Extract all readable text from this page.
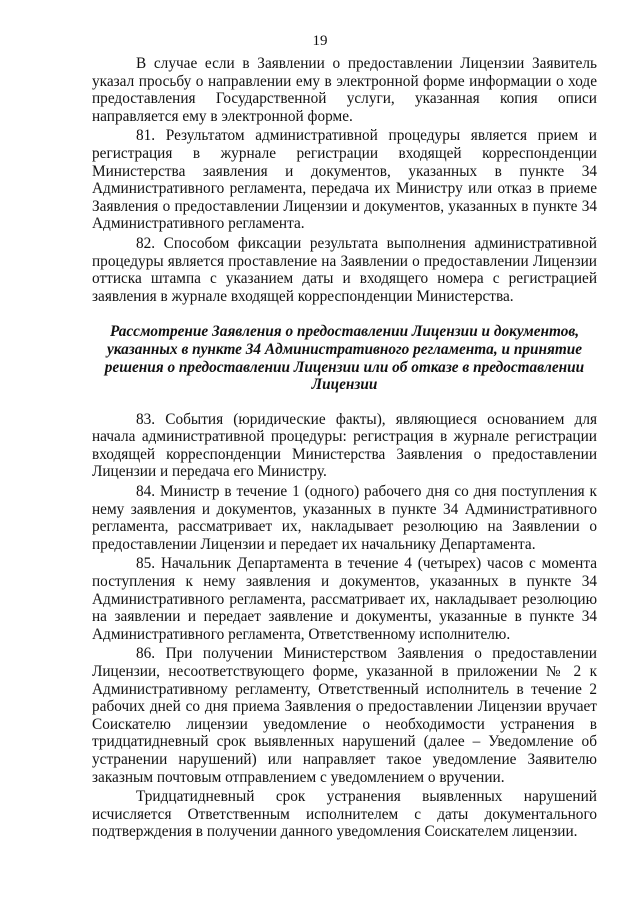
19

В случае если в Заявлении о предоставлении Лицензии Заявитель указал просьбу о направлении ему в электронной форме информации о ходе предоставления Государственной услуги, указанная копия описи направляется ему в электронной форме.

81. Результатом административной процедуры является прием и регистрация в журнале регистрации входящей корреспонденции Министерства заявления и документов, указанных в пункте 34 Административного регламента, передача их Министру или отказ в приеме Заявления о предоставлении Лицензии и документов, указанных в пункте 34 Административного регламента.

82. Способом фиксации результата выполнения административной процедуры является проставление на Заявлении о предоставлении Лицензии оттиска штампа с указанием даты и входящего номера с регистрацией заявления в журнале входящей корреспонденции Министерства.

Рассмотрение Заявления о предоставлении Лицензии и документов, указанных в пункте 34 Административного регламента, и принятие решения о предоставлении Лицензии или об отказе в предоставлении Лицензии

83. События (юридические факты), являющиеся основанием для начала административной процедуры: регистрация в журнале регистрации входящей корреспонденции Министерства Заявления о предоставлении Лицензии и передача его Министру.

84. Министр в течение 1 (одного) рабочего дня со дня поступления к нему заявления и документов, указанных в пункте 34 Административного регламента, рассматривает их, накладывает резолюцию на Заявлении о предоставлении Лицензии и передает их начальнику Департамента.

85. Начальник Департамента в течение 4 (четырех) часов с момента поступления к нему заявления и документов, указанных в пункте 34 Административного регламента, рассматривает их, накладывает резолюцию на заявлении и передает заявление и документы, указанные в пункте 34 Административного регламента, Ответственному исполнителю.

86. При получении Министерством Заявления о предоставлении Лицензии, несоответствующего форме, указанной в приложении № 2 к Административному регламенту, Ответственный исполнитель в течение 2 рабочих дней со дня приема Заявления о предоставлении Лицензии вручает Соискателю лицензии уведомление о необходимости устранения в тридцатидневный срок выявленных нарушений (далее – Уведомление об устранении нарушений) или направляет такое уведомление Заявителю заказным почтовым отправлением с уведомлением о вручении.

Тридцатидневный срок устранения выявленных нарушений исчисляется Ответственным исполнителем с даты документального подтверждения в получении данного уведомления Соискателем лицензии.
